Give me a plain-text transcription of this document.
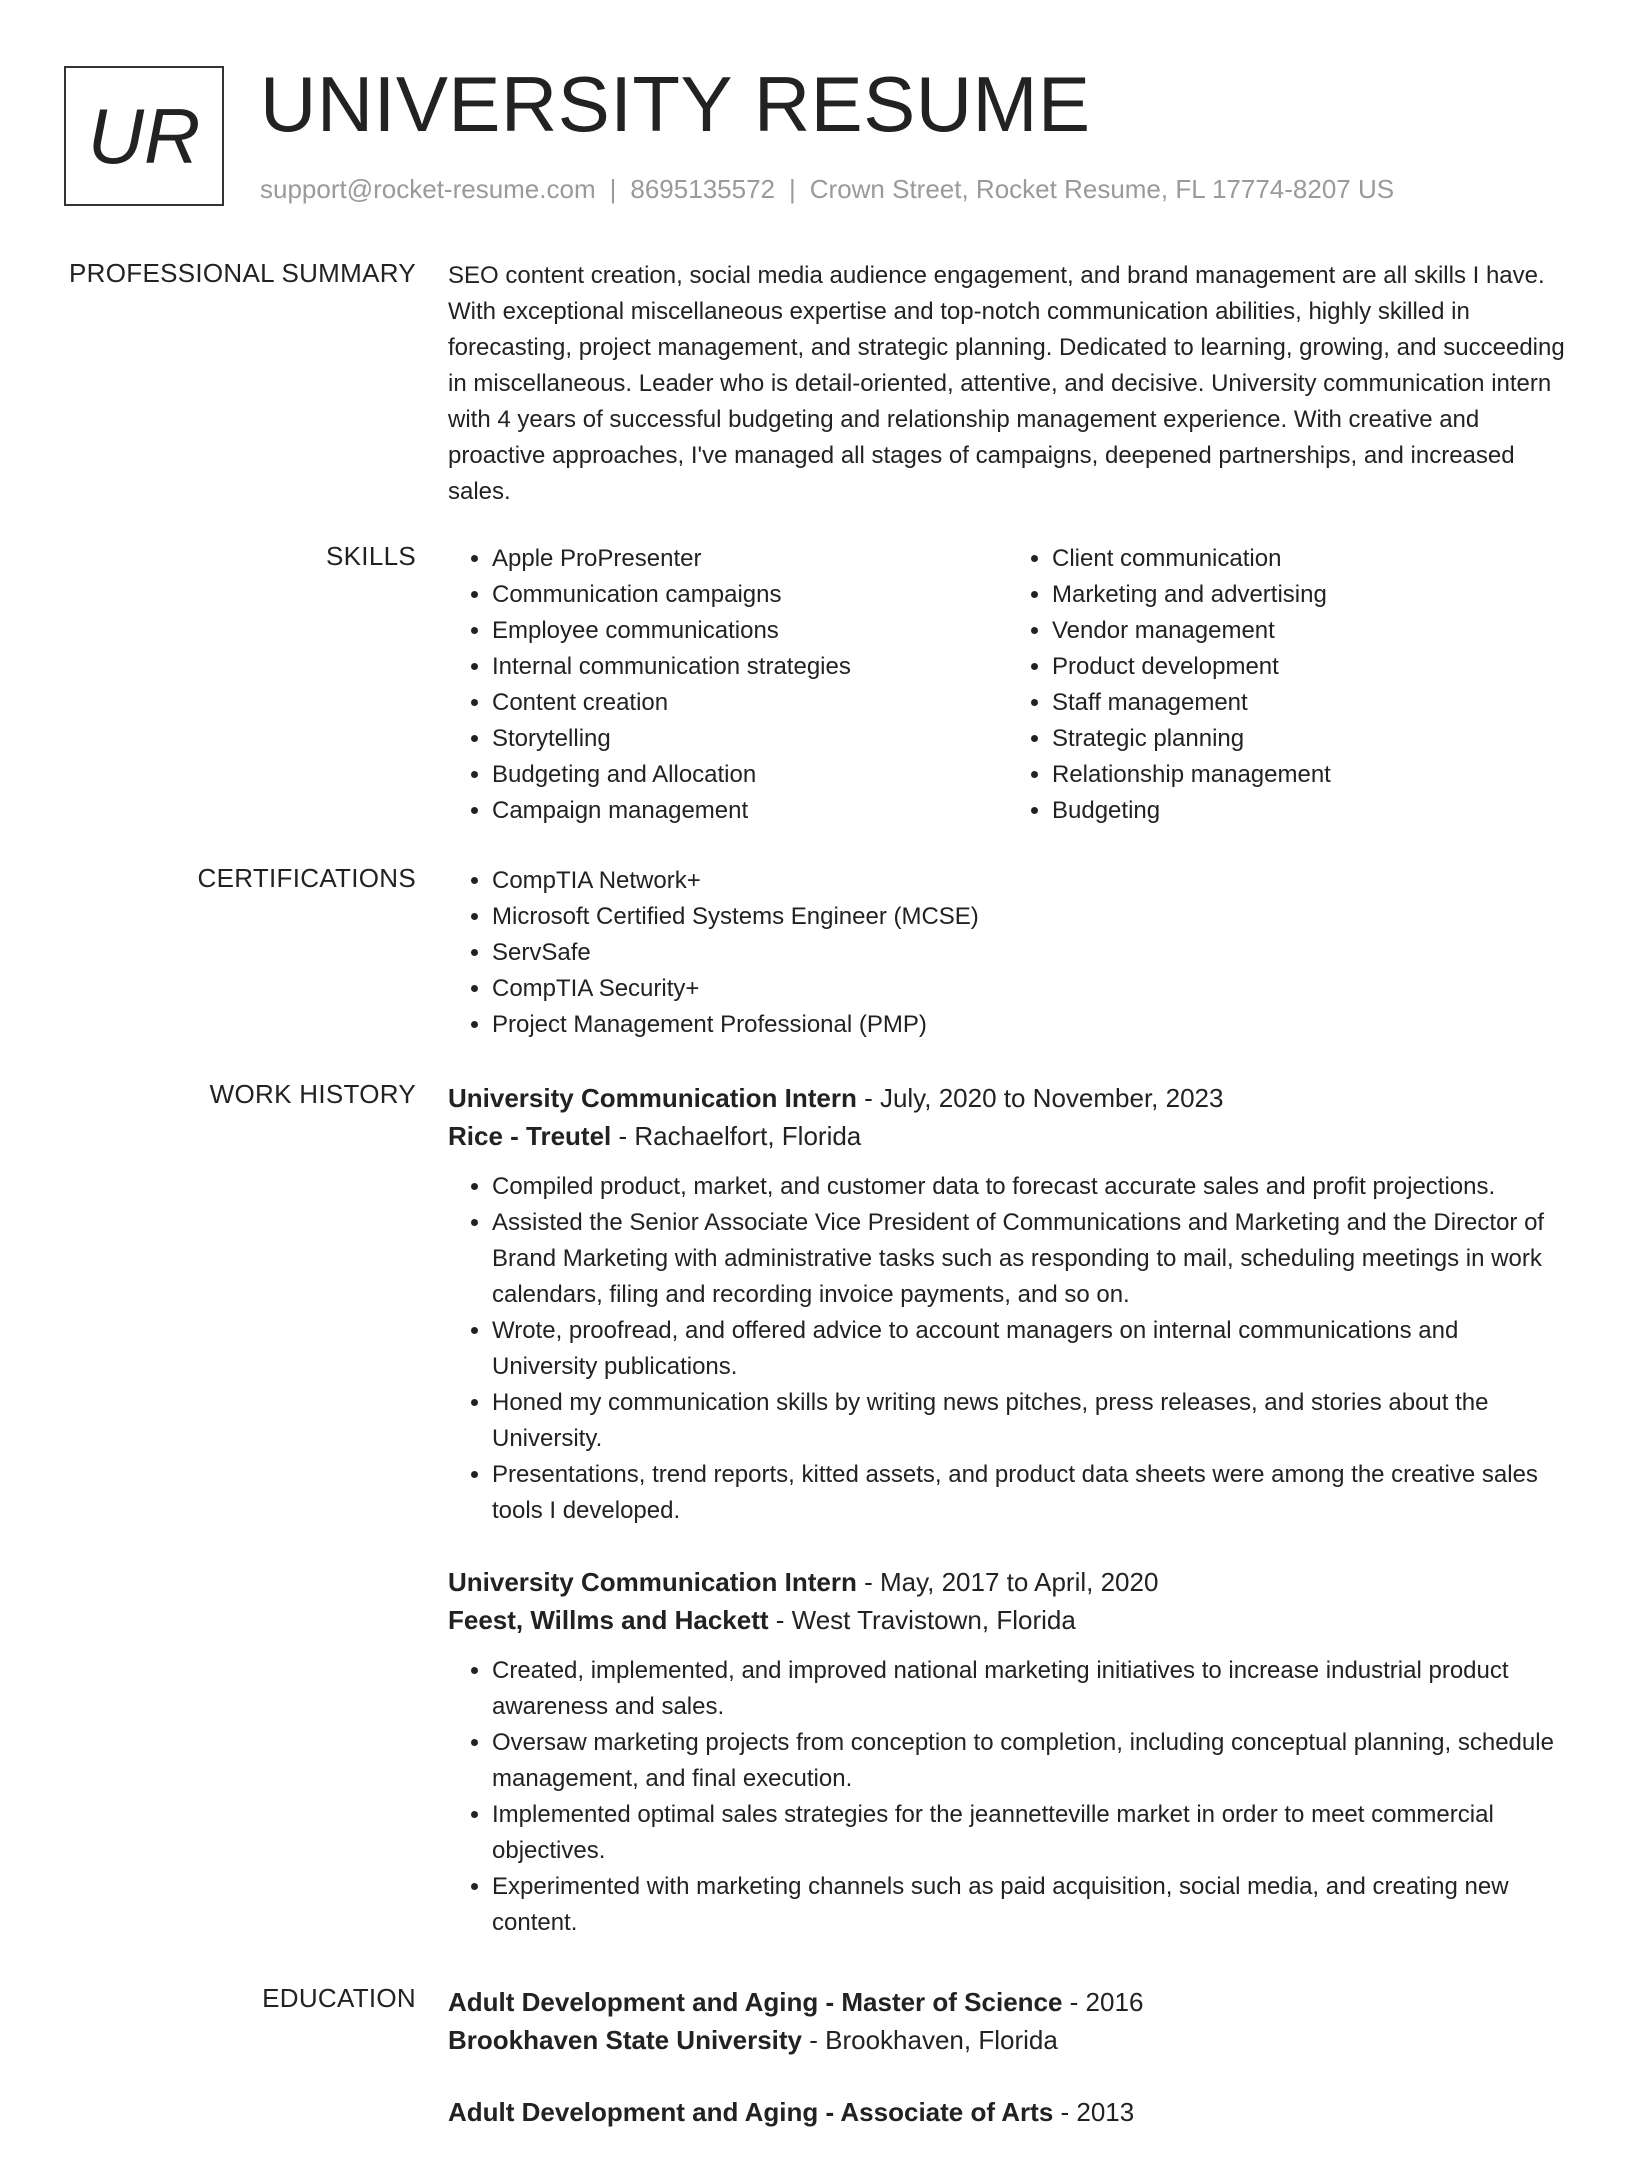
UR UNIVERSITY RESUME
support@rocket-resume.com | 8695135572 | Crown Street, Rocket Resume, FL 17774-8207 US
PROFESSIONAL SUMMARY SEO content creation, social media audience engagement, and brand management are all skills I have. With exceptional miscellaneous expertise and top-notch communication abilities, highly skilled in forecasting, project management, and strategic planning. Dedicated to learning, growing, and succeeding in miscellaneous. Leader who is detail-oriented, attentive, and decisive. University communication intern with 4 years of successful budgeting and relationship management experience. With creative and proactive approaches, I've managed all stages of campaigns, deepened partnerships, and increased sales.

SKILLS	• Apple ProPresenter
• Communication campaigns
• Employee communications
• Internal communication strategies
• Content creation
• Storytelling
• Budgeting and Allocation
• Campaign management
• Client communication
• Marketing and advertising
• Vendor management
• Product development
• Staff management
• Strategic planning
• Relationship management
• Budgeting
CERTIFICATIONS	• CompTIA Network+
• Microsoft Certified Systems Engineer (MCSE)
• ServSafe
• CompTIA Security+
• Project Management Professional (PMP)
WORK HISTORY University Communication Intern - July, 2020 to November, 2023
Rice - Treutel - Rachaelfort, Florida
• Compiled product, market, and customer data to forecast accurate sales and profit projections.
• Assisted the Senior Associate Vice President of Communications and Marketing and the Director of Brand Marketing with administrative tasks such as responding to mail, scheduling meetings in work calendars, filing and recording invoice payments, and so on.
• Wrote, proofread, and offered advice to account managers on internal communications and University publications.
• Honed my communication skills by writing news pitches, press releases, and stories about the University.
• Presentations, trend reports, kitted assets, and product data sheets were among the creative sales tools I developed.
University Communication Intern - May, 2017 to April, 2020
Feest, Willms and Hackett - West Travistown, Florida
• Created, implemented, and improved national marketing initiatives to increase industrial product awareness and sales.
• Oversaw marketing projects from conception to completion, including conceptual planning, schedule management, and final execution.
• Implemented optimal sales strategies for the jeannetteville market in order to meet commercial objectives.
• Experimented with marketing channels such as paid acquisition, social media, and creating new content.
EDUCATION Adult Development and Aging - Master of Science - 2016
Brookhaven State University - Brookhaven, Florida
Adult Development and Aging - Associate of Arts - 2013
